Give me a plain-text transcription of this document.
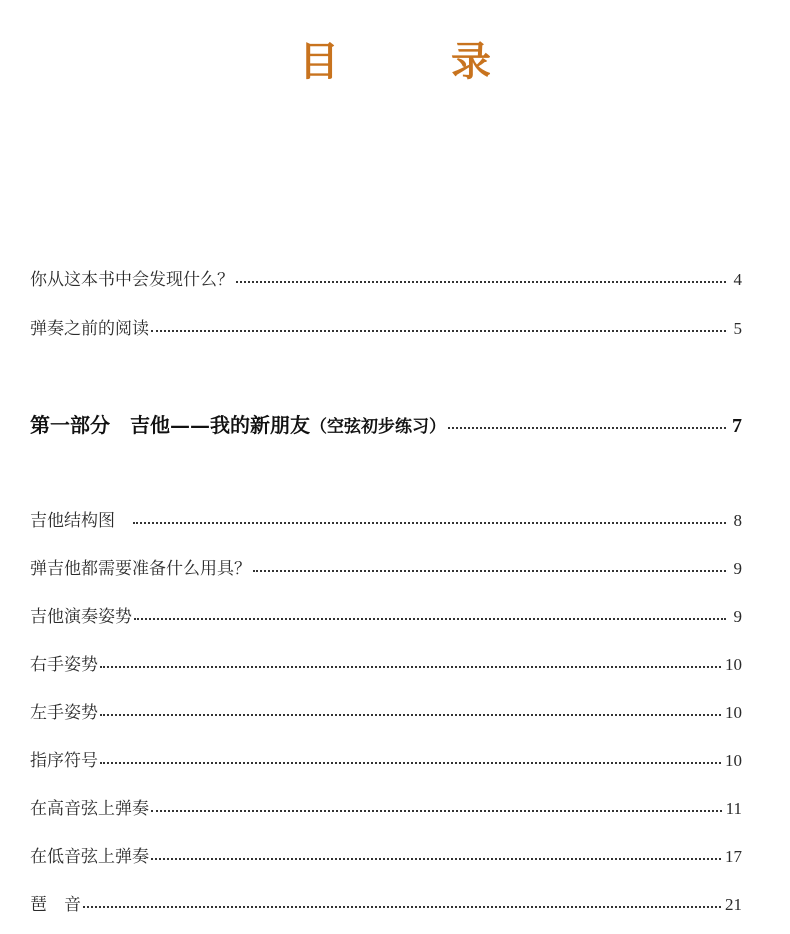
目　录
你从这本书中会发现什么？	4
弹奏之前的阅读	5
第一部分　吉他——我的新朋友（空弦初步练习）	7
吉他结构图	8
弹吉他都需要准备什么用具？	9
吉他演奏姿势	9
右手姿势	10
左手姿势	10
指序符号	10
在高音弦上弹奏	11
在低音弦上弹奏	17
琶　音	21
